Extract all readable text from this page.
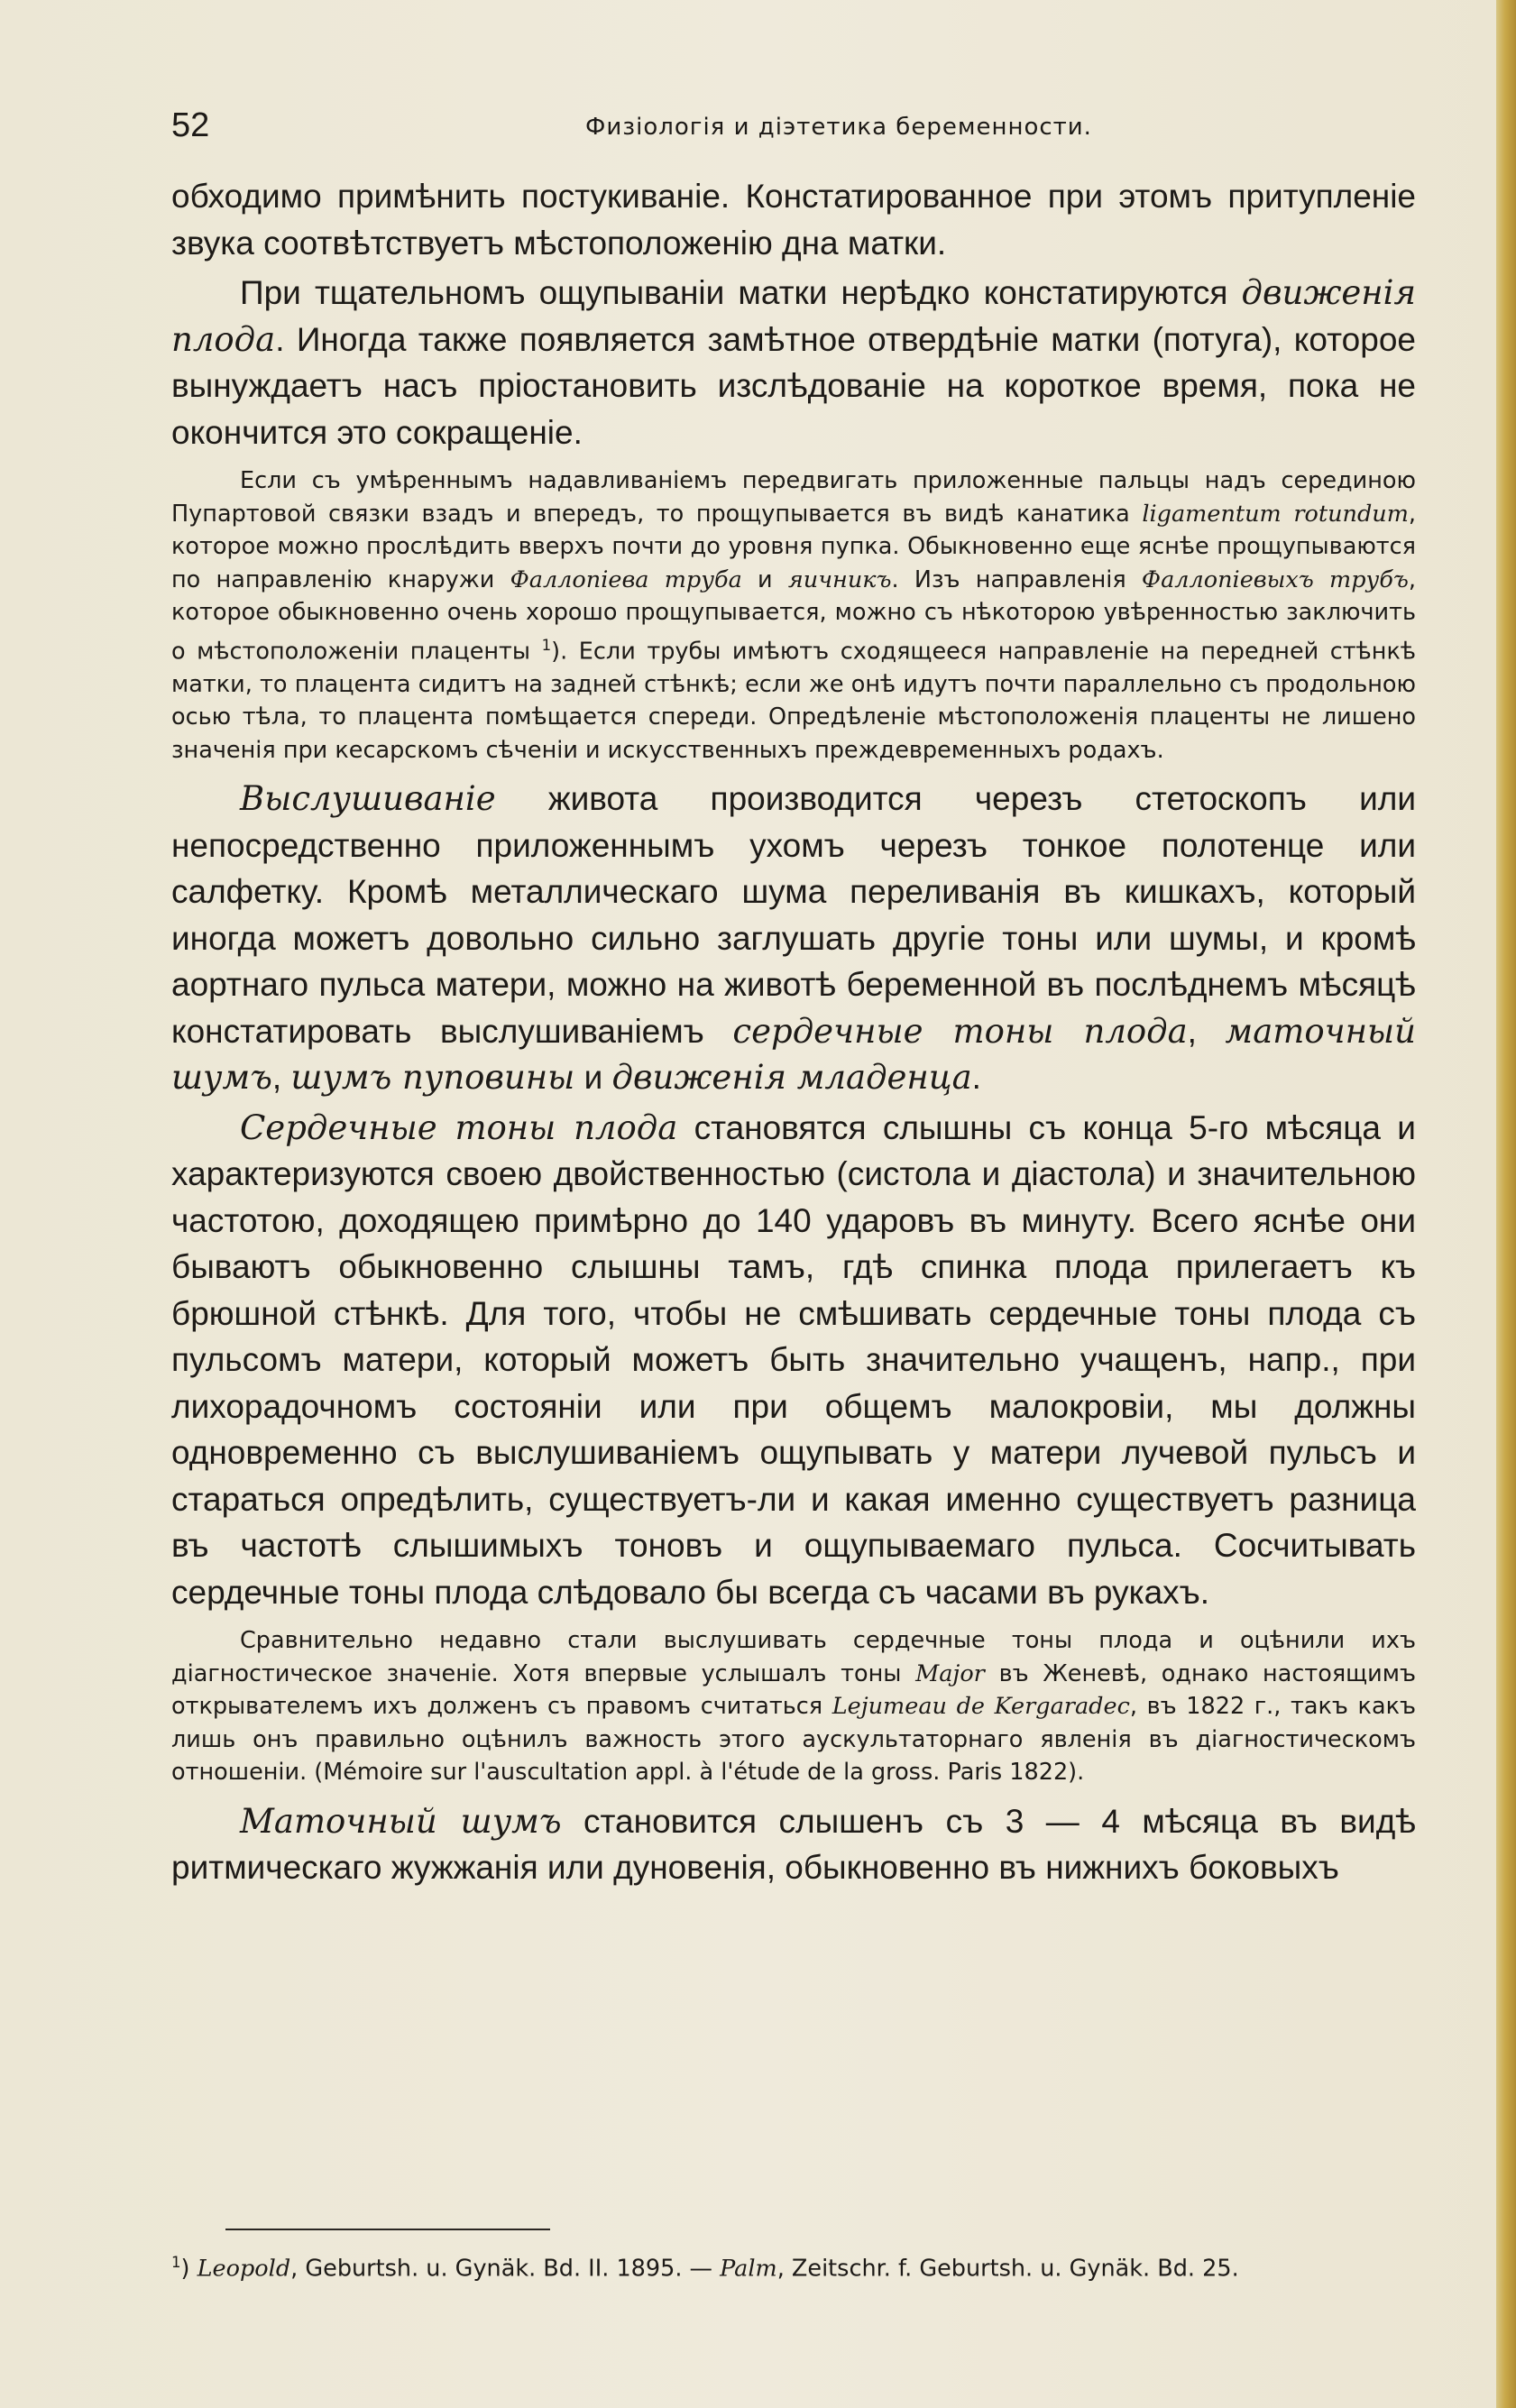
52	Физіологія и діэтетика беременности.

обходимо примѣнить постукиваніе. Констатированное при этомъ притупленіе звука соотвѣтствуетъ мѣстоположенію дна матки.

При тщательномъ ощупываніи матки нерѣдко констатируются движенія плода. Иногда также появляется замѣтное отвердѣніе матки (потуга), которое вынуждаетъ насъ пріостановить изслѣдованіе на короткое время, пока не окончится это сокращеніе.

Если съ умѣреннымъ надавливаніемъ передвигать приложенные пальцы надъ серединою Пупартовой связки взадъ и впередъ, то прощупывается въ видѣ канатика ligamentum rotundum, которое можно прослѣдить вверхъ почти до уровня пупка. Обыкновенно еще яснѣе прощупываются по направленію кнаружи Фаллопіева труба и яичникъ. Изъ направленія Фаллопіевыхъ трубъ, которое обыкновенно очень хорошо прощупывается, можно съ нѣкоторою увѣренностью заключить о мѣстоположеніи плаценты $^1$). Если трубы имѣютъ сходящееся направленіе на передней стѣнкѣ матки, то плацента сидитъ на задней стѣнкѣ; если же онѣ идутъ почти параллельно съ продольною осью тѣла, то плацента помѣщается спереди. Опредѣленіе мѣстоположенія плаценты не лишено значенія при кесарскомъ сѣченіи и искусственныхъ преждевременныхъ родахъ.

Выслушиваніе живота производится черезъ стетоскопъ или непосредственно приложеннымъ ухомъ черезъ тонкое полотенце или салфетку. Кромѣ металлическаго шума переливанія въ кишкахъ, который иногда можетъ довольно сильно заглушать другіе тоны или шумы, и кромѣ аортнаго пульса матери, можно на животѣ беременной въ послѣднемъ мѣсяцѣ констатировать выслушиваніемъ сердечные тоны плода, маточный шумъ, шумъ пуповины и движенія младенца.

Сердечные тоны плода становятся слышны съ конца 5-го мѣсяца и характеризуются своею двойственностью (систола и діастола) и значительною частотою, доходящею примѣрно до 140 ударовъ въ минуту. Всего яснѣе они бываютъ обыкновенно слышны тамъ, гдѣ спинка плода прилегаетъ къ брюшной стѣнкѣ. Для того, чтобы не смѣшивать сердечные тоны плода съ пульсомъ матери, который можетъ быть значительно учащенъ, напр., при лихорадочномъ состояніи или при общемъ малокровіи, мы должны одновременно съ выслушиваніемъ ощупывать у матери лучевой пульсъ и стараться опредѣлить, существуетъ-ли и какая именно существуетъ разница въ частотѣ слышимыхъ тоновъ и ощупываемаго пульса. Сосчитывать сердечные тоны плода слѣдовало бы всегда съ часами въ рукахъ.

Сравнительно недавно стали выслушивать сердечные тоны плода и оцѣнили ихъ діагностическое значеніе. Хотя впервые услышалъ тоны Major въ Женевѣ, однако настоящимъ открывателемъ ихъ долженъ съ правомъ считаться Lejumeau de Kergaradec, въ 1822 г., такъ какъ лишь онъ правильно оцѣнилъ важность этого аускультаторнаго явленія въ діагностическомъ отношеніи. (Mémoire sur l'auscultation appl. à l'étude de la gross. Paris 1822).

Маточный шумъ становится слышенъ съ 3 — 4 мѣсяца въ видѣ ритмическаго жужжанія или дуновенія, обыкновенно въ нижнихъ боковыхъ

$^1$) Leopold, Geburtsh. u. Gynäk. Bd. II. 1895. — Palm, Zeitschr. f. Geburtsh. u. Gynäk. Bd. 25.
